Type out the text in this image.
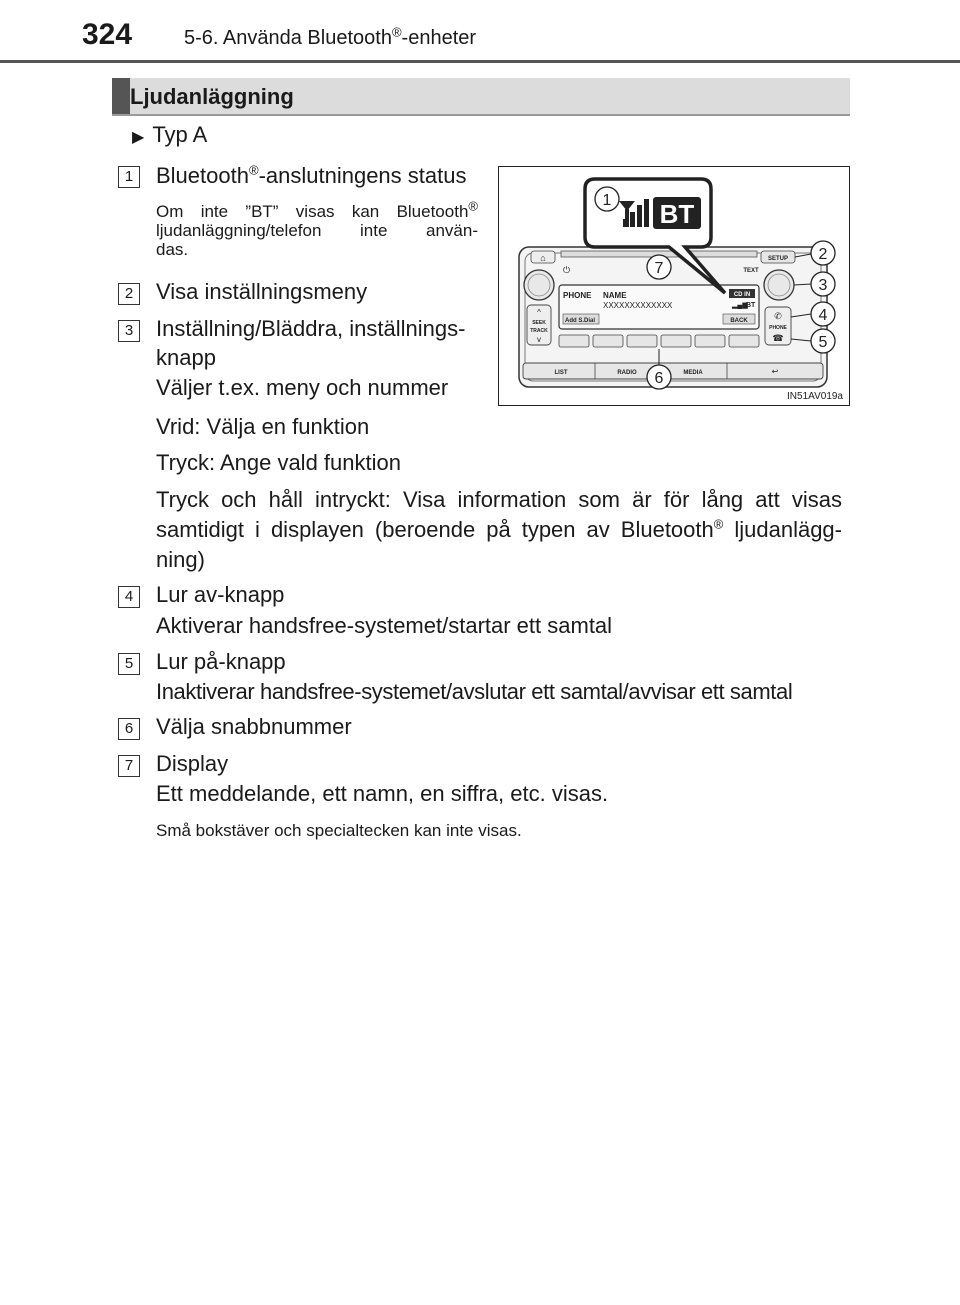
324	5-6. Använda Bluetooth®-enheter
Ljudanläggning
▶ Typ A
1	Bluetooth®-anslutningens status
Om inte ”BT” visas kan Bluetooth®
ljudanläggning/telefon inte använ-
das.
2	Visa inställningsmeny
3	Inställning/Bläddra, inställnings-
knapp
Väljer t.ex. meny och nummer
Vrid: Välja en funktion
Tryck: Ange vald funktion
Tryck och håll intryckt: Visa information som är för lång att visas
samtidigt i displayen (beroende på typen av Bluetooth® ljudanlägg-
ning)
4	Lur av-knapp
Aktiverar handsfree-systemet/startar ett samtal
5	Lur på-knapp
Inaktiverar handsfree-systemet/avslutar ett samtal/avvisar ett samtal
6	Välja snabbnummer
7	Display
Ett meddelande, ett namn, en siffra, etc. visas.
Små bokstäver och specialtecken kan inte visas.
⌂
⏻
SETUP
TEXT
PHONE NAME
XXXXXXXXXXXXX
Add S.Dial	BACK
CD IN
▂▄▆
BT
^
SEEK
TRACK
v
✆
PHONE
☎
LIST	RADIO	MEDIA	↩
BT
1
7
2
3
4
5
6
IN51AV019a
